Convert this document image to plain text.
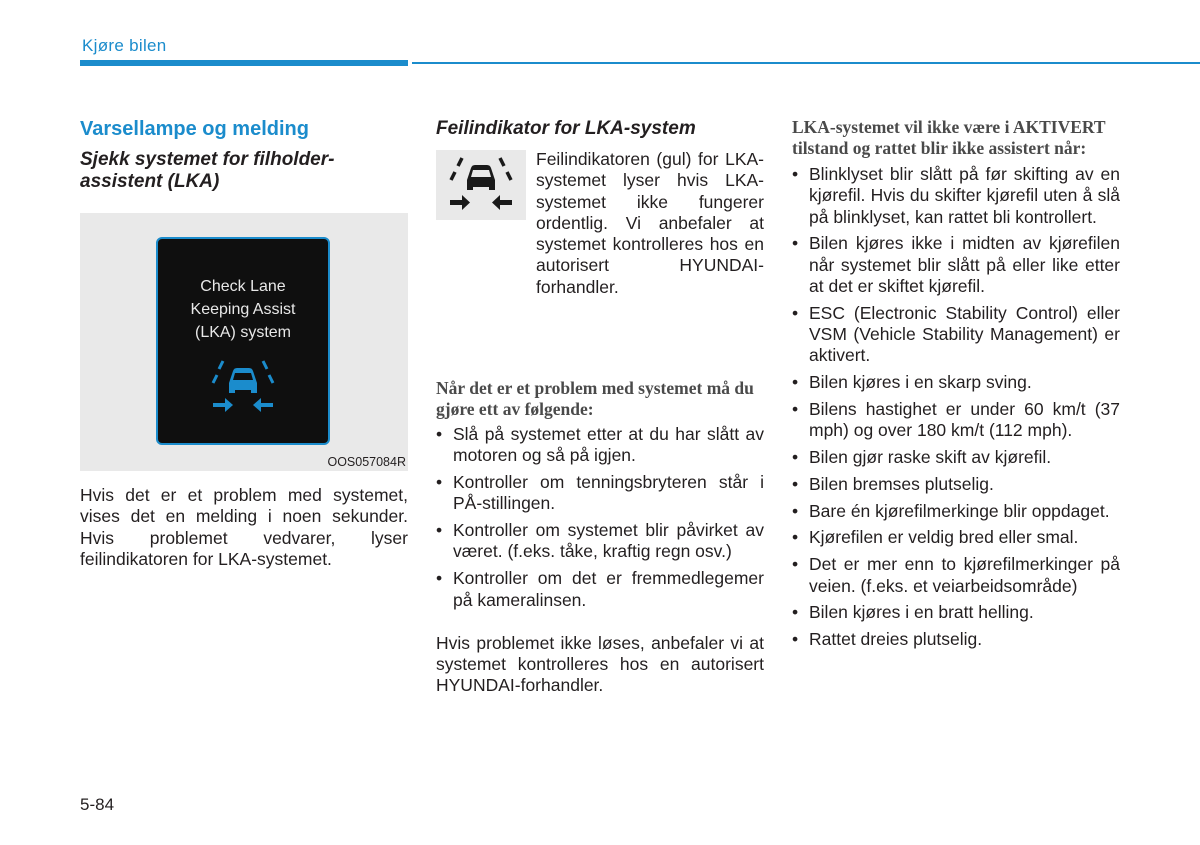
Kjøre bilen
Varsellampe og melding
Sjekk systemet for filholder-assistent (LKA)
Check Lane
Keeping Assist
(LKA) system
OOS057084R

Hvis det er et problem med systemet, vises det en melding i noen sekunder. Hvis problemet vedvarer, lyser feilindikatoren for LKA-systemet.

Feilindikator for LKA-system

Feilindikatoren (gul) for LKA-systemet lyser hvis LKA-systemet ikke fungerer ordentlig. Vi anbefaler at systemet kontrolleres hos en autorisert HYUNDAI-forhandler.

Når det er et problem med systemet må du gjøre ett av følgende:

• Slå på systemet etter at du har slått av motoren og så på igjen.
• Kontroller om tenningsbryteren står i PÅ-stillingen.
• Kontroller om systemet blir påvirket av været. (f.eks. tåke, kraftig regn osv.)
• Kontroller om det er fremmedlegemer på kameralinsen.

Hvis problemet ikke løses, anbefaler vi at systemet kontrolleres hos en autorisert HYUNDAI-forhandler.

LKA-systemet vil ikke være i AKTIVERT tilstand og rattet blir ikke assistert når:

• Blinklyset blir slått på før skifting av en kjørefil. Hvis du skifter kjørefil uten å slå på blinklyset, kan rattet bli kontrollert.
• Bilen kjøres ikke i midten av kjørefilen når systemet blir slått på eller like etter at det er skiftet kjørefil.
• ESC (Electronic Stability Control) eller VSM (Vehicle Stability Management) er aktivert.
• Bilen kjøres i en skarp sving.
• Bilens hastighet er under 60 km/t (37 mph) og over 180 km/t (112 mph).
• Bilen gjør raske skift av kjørefil.
• Bilen bremses plutselig.
• Bare én kjørefilmerkinge blir oppdaget.
• Kjørefilen er veldig bred eller smal.
• Det er mer enn to kjørefilmerkinger på veien. (f.eks. et veiarbeidsområde)
• Bilen kjøres i en bratt helling.
• Rattet dreies plutselig.
5-84
